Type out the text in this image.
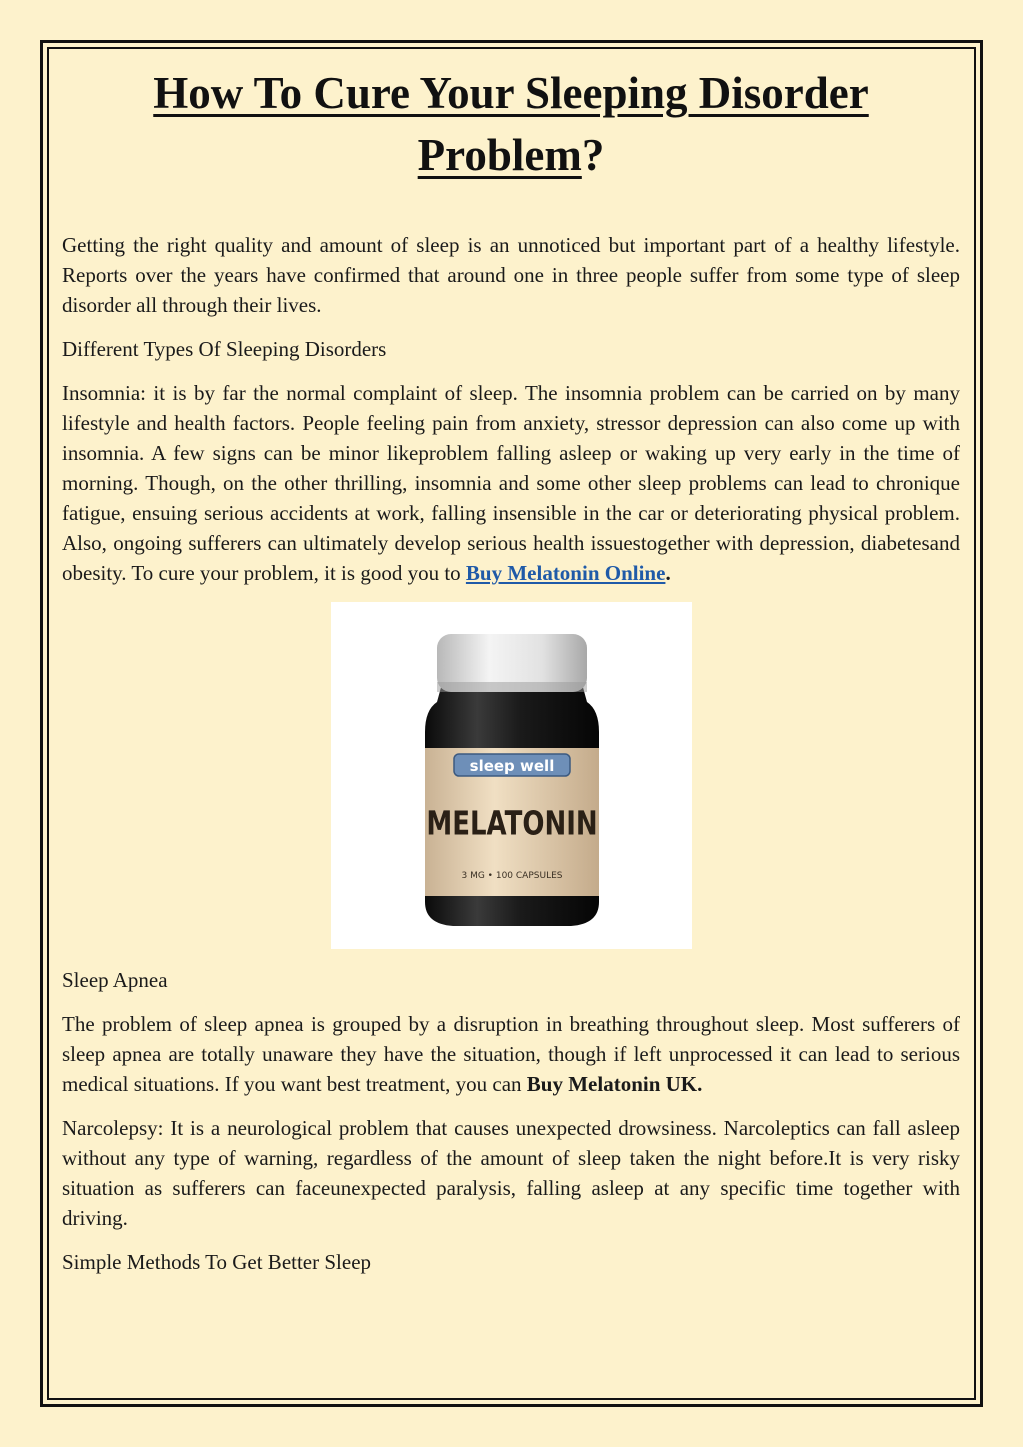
How To Cure Your Sleeping Disorder
Problem?

Getting the right quality and amount of sleep is an unnoticed but important part of a healthy lifestyle. Reports over the years have confirmed that around one in three people suffer from some type of sleep disorder all through their lives.

Different Types Of Sleeping Disorders

Insomnia: it is by far the normal complaint of sleep. The insomnia problem can be carried on by many lifestyle and health factors. People feeling pain from anxiety, stressor depression can also come up with insomnia. A few signs can be minor likeproblem falling asleep or waking up very early in the time of morning. Though, on the other thrilling, insomnia and some other sleep problems can lead to chronique fatigue, ensuing serious accidents at work, falling insensible in the car or deteriorating physical problem. Also, ongoing sufferers can ultimately develop serious health issuestogether with depression, diabetesand obesity. To cure your problem, it is good you to Buy Melatonin Online.

sleep well
MELATONIN
3 MG • 100 CAPSULES

Sleep Apnea

The problem of sleep apnea is grouped by a disruption in breathing throughout sleep. Most sufferers of sleep apnea are totally unaware they have the situation, though if left unprocessed it can lead to serious medical situations. If you want best treatment, you can Buy Melatonin UK.

Narcolepsy: It is a neurological problem that causes unexpected drowsiness. Narcoleptics can fall asleep without any type of warning, regardless of the amount of sleep taken the night before.It is very risky situation as sufferers can faceunexpected paralysis, falling asleep at any specific time together with driving.

Simple Methods To Get Better Sleep
